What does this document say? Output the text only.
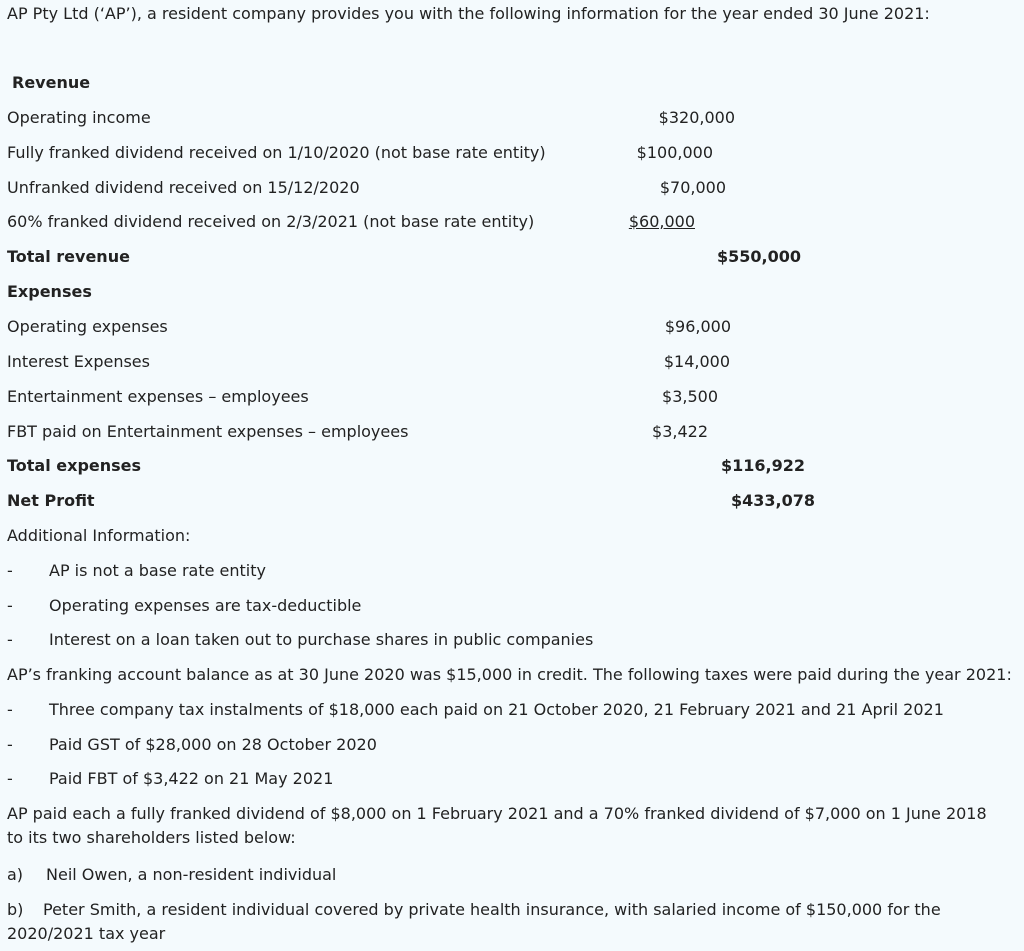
AP Pty Ltd (‘AP’), a resident company provides you with the following information for the year ended 30 June 2021:
Revenue
Operating income	$320,000
Fully franked dividend received on 1/10/2020 (not base rate entity)	$100,000
Unfranked dividend received on 15/12/2020	$70,000
60% franked dividend received on 2/3/2021 (not base rate entity)	$60,000
Total revenue	$550,000
Expenses
Operating expenses	$96,000
Interest Expenses	$14,000
Entertainment expenses – employees	$3,500
FBT paid on Entertainment expenses – employees	$3,422
Total expenses	$116,922
Net Profit	$433,078
Additional Information:
- AP is not a base rate entity
- Operating expenses are tax-deductible
- Interest on a loan taken out to purchase shares in public companies
AP’s franking account balance as at 30 June 2020 was $15,000 in credit. The following taxes were paid during the year 2021:
- Three company tax instalments of $18,000 each paid on 21 October 2020, 21 February 2021 and 21 April 2021
- Paid GST of $28,000 on 28 October 2020
- Paid FBT of $3,422 on 21 May 2021
AP paid each a fully franked dividend of $8,000 on 1 February 2021 and a 70% franked dividend of $7,000 on 1 June 2018 to its two shareholders listed below:
a) Neil Owen, a non-resident individual
b)	Peter Smith, a resident individual covered by private health insurance, with salaried income of $150,000 for the 2020/2021 tax year
